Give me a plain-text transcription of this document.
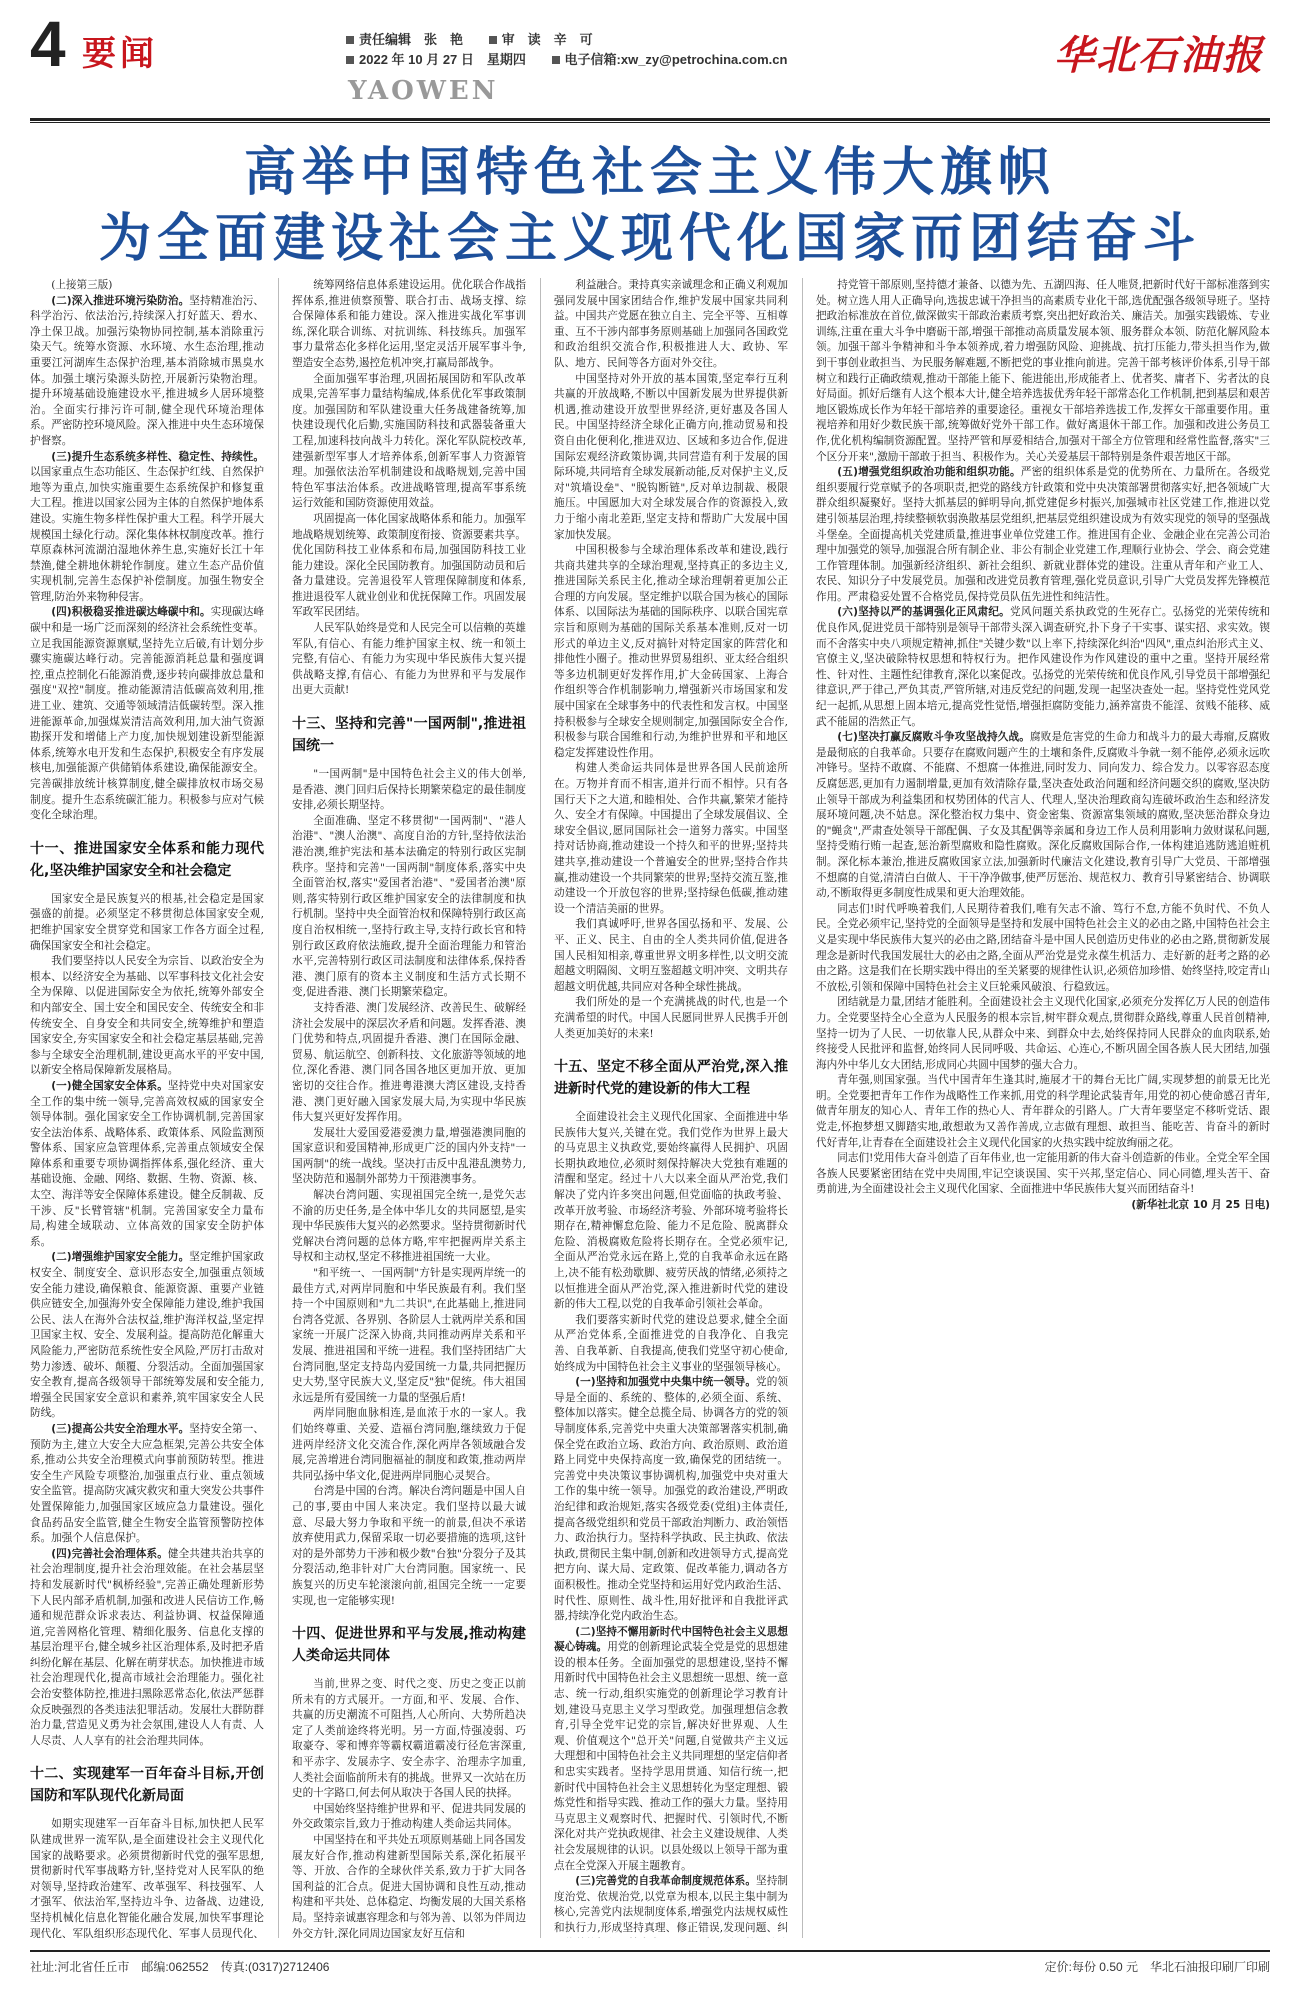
4 要闻	责任编辑　张　艳	审　读　辛　可
2022 年 10 月 27 日　星期四	电子信箱:xw_zy@petrochina.com.cn
YAOWEN
华北石油报
高举中国特色社会主义伟大旗帜
为全面建设社会主义现代化国家而团结奋斗

(上接第三版)

(二)深入推进环境污染防治。坚持精准治污、科学治污、依法治污,持续深入打好蓝天、碧水、净土保卫战。加强污染物协同控制,基本消除重污染天气。统筹水资源、水环境、水生态治理,推动重要江河湖库生态保护治理,基本消除城市黑臭水体。加强土壤污染源头防控,开展新污染物治理。提升环境基础设施建设水平,推进城乡人居环境整治。全面实行排污许可制,健全现代环境治理体系。严密防控环境风险。深入推进中央生态环境保护督察。

(三)提升生态系统多样性、稳定性、持续性。以国家重点生态功能区、生态保护红线、自然保护地等为重点,加快实施重要生态系统保护和修复重大工程。推进以国家公园为主体的自然保护地体系建设。实施生物多样性保护重大工程。科学开展大规模国土绿化行动。深化集体林权制度改革。推行草原森林河流湖泊湿地休养生息,实施好长江十年禁渔,健全耕地休耕轮作制度。建立生态产品价值实现机制,完善生态保护补偿制度。加强生物安全管理,防治外来物种侵害。

(四)积极稳妥推进碳达峰碳中和。实现碳达峰碳中和是一场广泛而深刻的经济社会系统性变革。立足我国能源资源禀赋,坚持先立后破,有计划分步骤实施碳达峰行动。完善能源消耗总量和强度调控,重点控制化石能源消费,逐步转向碳排放总量和强度"双控"制度。推动能源清洁低碳高效利用,推进工业、建筑、交通等领域清洁低碳转型。深入推进能源革命,加强煤炭清洁高效利用,加大油气资源勘探开发和增储上产力度,加快规划建设新型能源体系,统筹水电开发和生态保护,积极安全有序发展核电,加强能源产供储销体系建设,确保能源安全。完善碳排放统计核算制度,健全碳排放权市场交易制度。提升生态系统碳汇能力。积极参与应对气候变化全球治理。

十一、推进国家安全体系和能力现代化,坚决维护国家安全和社会稳定

国家安全是民族复兴的根基,社会稳定是国家强盛的前提。必须坚定不移贯彻总体国家安全观,把维护国家安全贯穿党和国家工作各方面全过程,确保国家安全和社会稳定。

我们要坚持以人民安全为宗旨、以政治安全为根本、以经济安全为基础、以军事科技文化社会安全为保障、以促进国际安全为依托,统筹外部安全和内部安全、国土安全和国民安全、传统安全和非传统安全、自身安全和共同安全,统筹维护和塑造国家安全,夯实国家安全和社会稳定基层基础,完善参与全球安全治理机制,建设更高水平的平安中国,以新安全格局保障新发展格局。

(一)健全国家安全体系。坚持党中央对国家安全工作的集中统一领导,完善高效权威的国家安全领导体制。强化国家安全工作协调机制,完善国家安全法治体系、战略体系、政策体系、风险监测预警体系、国家应急管理体系,完善重点领域安全保障体系和重要专项协调指挥体系,强化经济、重大基础设施、金融、网络、数据、生物、资源、核、太空、海洋等安全保障体系建设。健全反制裁、反干涉、反"长臂管辖"机制。完善国家安全力量布局,构建全域联动、立体高效的国家安全防护体系。

(二)增强维护国家安全能力。坚定维护国家政权安全、制度安全、意识形态安全,加强重点领域安全能力建设,确保粮食、能源资源、重要产业链供应链安全,加强海外安全保障能力建设,维护我国公民、法人在海外合法权益,维护海洋权益,坚定捍卫国家主权、安全、发展利益。提高防范化解重大风险能力,严密防范系统性安全风险,严厉打击敌对势力渗透、破坏、颠覆、分裂活动。全面加强国家安全教育,提高各级领导干部统筹发展和安全能力,增强全民国家安全意识和素养,筑牢国家安全人民防线。

(三)提高公共安全治理水平。坚持安全第一、预防为主,建立大安全大应急框架,完善公共安全体系,推动公共安全治理模式向事前预防转型。推进安全生产风险专项整治,加强重点行业、重点领域安全监管。提高防灾减灾救灾和重大突发公共事件处置保障能力,加强国家区域应急力量建设。强化食品药品安全监管,健全生物安全监管预警防控体系。加强个人信息保护。

(四)完善社会治理体系。健全共建共治共享的社会治理制度,提升社会治理效能。在社会基层坚持和发展新时代"枫桥经验",完善正确处理新形势下人民内部矛盾机制,加强和改进人民信访工作,畅通和规范群众诉求表达、利益协调、权益保障通道,完善网格化管理、精细化服务、信息化支撑的基层治理平台,健全城乡社区治理体系,及时把矛盾纠纷化解在基层、化解在萌芽状态。加快推进市域社会治理现代化,提高市域社会治理能力。强化社会治安整体防控,推进扫黑除恶常态化,依法严惩群众反映强烈的各类违法犯罪活动。发展壮大群防群治力量,营造见义勇为社会氛围,建设人人有责、人人尽责、人人享有的社会治理共同体。

十二、实现建军一百年奋斗目标,开创国防和军队现代化新局面

如期实现建军一百年奋斗目标,加快把人民军队建成世界一流军队,是全面建设社会主义现代化国家的战略要求。必须贯彻新时代党的强军思想,贯彻新时代军事战略方针,坚持党对人民军队的绝对领导,坚持政治建军、改革强军、科技强军、人才强军、依法治军,坚持边斗争、边备战、边建设,坚持机械化信息化智能化融合发展,加快军事理论现代化、军队组织形态现代化、军事人员现代化、

统筹网络信息体系建设运用。优化联合作战指挥体系,推进侦察预警、联合打击、战场支撑、综合保障体系和能力建设。深入推进实战化军事训练,深化联合训练、对抗训练、科技练兵。加强军事力量常态化多样化运用,坚定灵活开展军事斗争,塑造安全态势,遏控危机冲突,打赢局部战争。

全面加强军事治理,巩固拓展国防和军队改革成果,完善军事力量结构编成,体系优化军事政策制度。加强国防和军队建设重大任务战建备统筹,加快建设现代化后勤,实施国防科技和武器装备重大工程,加速科技向战斗力转化。深化军队院校改革,建强新型军事人才培养体系,创新军事人力资源管理。加强依法治军机制建设和战略规划,完善中国特色军事法治体系。改进战略管理,提高军事系统运行效能和国防资源使用效益。

巩固提高一体化国家战略体系和能力。加强军地战略规划统筹、政策制度衔接、资源要素共享。优化国防科技工业体系和布局,加强国防科技工业能力建设。深化全民国防教育。加强国防动员和后备力量建设。完善退役军人管理保障制度和体系,推进退役军人就业创业和优抚保障工作。巩固发展军政军民团结。

人民军队始终是党和人民完全可以信赖的英雄军队,有信心、有能力维护国家主权、统一和领土完整,有信心、有能力为实现中华民族伟大复兴提供战略支撑,有信心、有能力为世界和平与发展作出更大贡献!

十三、坚持和完善"一国两制",推进祖国统一

"一国两制"是中国特色社会主义的伟大创举,是香港、澳门回归后保持长期繁荣稳定的最佳制度安排,必须长期坚持。

全面准确、坚定不移贯彻"一国两制"、"港人治港"、"澳人治澳"、高度自治的方针,坚持依法治港治澳,维护宪法和基本法确定的特别行政区宪制秩序。坚持和完善"一国两制"制度体系,落实中央全面管治权,落实"爱国者治港"、"爱国者治澳"原则,落实特别行政区维护国家安全的法律制度和执行机制。坚持中央全面管治权和保障特别行政区高度自治权相统一,坚持行政主导,支持行政长官和特别行政区政府依法施政,提升全面治理能力和管治水平,完善特别行政区司法制度和法律体系,保持香港、澳门原有的资本主义制度和生活方式长期不变,促进香港、澳门长期繁荣稳定。

支持香港、澳门发展经济、改善民生、破解经济社会发展中的深层次矛盾和问题。发挥香港、澳门优势和特点,巩固提升香港、澳门在国际金融、贸易、航运航空、创新科技、文化旅游等领域的地位,深化香港、澳门同各国各地区更加开放、更加密切的交往合作。推进粤港澳大湾区建设,支持香港、澳门更好融入国家发展大局,为实现中华民族伟大复兴更好发挥作用。

发展壮大爱国爱港爱澳力量,增强港澳同胞的国家意识和爱国精神,形成更广泛的国内外支持"一国两制"的统一战线。坚决打击反中乱港乱澳势力,坚决防范和遏制外部势力干预港澳事务。

解决台湾问题、实现祖国完全统一,是党矢志不渝的历史任务,是全体中华儿女的共同愿望,是实现中华民族伟大复兴的必然要求。坚持贯彻新时代党解决台湾问题的总体方略,牢牢把握两岸关系主导权和主动权,坚定不移推进祖国统一大业。

"和平统一、一国两制"方针是实现两岸统一的最佳方式,对两岸同胞和中华民族最有利。我们坚持一个中国原则和"九二共识",在此基础上,推进同台湾各党派、各界别、各阶层人士就两岸关系和国家统一开展广泛深入协商,共同推动两岸关系和平发展、推进祖国和平统一进程。我们坚持团结广大台湾同胞,坚定支持岛内爱国统一力量,共同把握历史大势,坚守民族大义,坚定反"独"促统。伟大祖国永远是所有爱国统一力量的坚强后盾!

两岸同胞血脉相连,是血浓于水的一家人。我们始终尊重、关爱、造福台湾同胞,继续致力于促进两岸经济文化交流合作,深化两岸各领域融合发展,完善增进台湾同胞福祉的制度和政策,推动两岸共同弘扬中华文化,促进两岸同胞心灵契合。

台湾是中国的台湾。解决台湾问题是中国人自己的事,要由中国人来决定。我们坚持以最大诚意、尽最大努力争取和平统一的前景,但决不承诺放弃使用武力,保留采取一切必要措施的选项,这针对的是外部势力干涉和极少数"台独"分裂分子及其分裂活动,绝非针对广大台湾同胞。国家统一、民族复兴的历史车轮滚滚向前,祖国完全统一一定要实现,也一定能够实现!

十四、促进世界和平与发展,推动构建人类命运共同体

当前,世界之变、时代之变、历史之变正以前所未有的方式展开。一方面,和平、发展、合作、共赢的历史潮流不可阻挡,人心所向、大势所趋决定了人类前途终将光明。另一方面,恃强凌弱、巧取豪夺、零和博弈等霸权霸道霸凌行径危害深重,和平赤字、发展赤字、安全赤字、治理赤字加重,人类社会面临前所未有的挑战。世界又一次站在历史的十字路口,何去何从取决于各国人民的抉择。

中国始终坚持维护世界和平、促进共同发展的外交政策宗旨,致力于推动构建人类命运共同体。

中国坚持在和平共处五项原则基础上同各国发展友好合作,推动构建新型国际关系,深化拓展平等、开放、合作的全球伙伴关系,致力于扩大同各国利益的汇合点。促进大国协调和良性互动,推动构建和平共处、总体稳定、均衡发展的大国关系格局。坚持亲诚惠容理念和与邻为善、以邻为伴周边外交方针,深化同周边国家友好互信和

利益融合。秉持真实亲诚理念和正确义利观加强同发展中国家团结合作,维护发展中国家共同利益。中国共产党愿在独立自主、完全平等、互相尊重、互不干涉内部事务原则基础上加强同各国政党和政治组织交流合作,积极推进人大、政协、军队、地方、民间等各方面对外交往。

中国坚持对外开放的基本国策,坚定奉行互利共赢的开放战略,不断以中国新发展为世界提供新机遇,推动建设开放型世界经济,更好惠及各国人民。中国坚持经济全球化正确方向,推动贸易和投资自由化便利化,推进双边、区域和多边合作,促进国际宏观经济政策协调,共同营造有利于发展的国际环境,共同培育全球发展新动能,反对保护主义,反对"筑墙设垒"、"脱钩断链",反对单边制裁、极限施压。中国愿加大对全球发展合作的资源投入,致力于缩小南北差距,坚定支持和帮助广大发展中国家加快发展。

中国积极参与全球治理体系改革和建设,践行共商共建共享的全球治理观,坚持真正的多边主义,推进国际关系民主化,推动全球治理朝着更加公正合理的方向发展。坚定维护以联合国为核心的国际体系、以国际法为基础的国际秩序、以联合国宪章宗旨和原则为基础的国际关系基本准则,反对一切形式的单边主义,反对搞针对特定国家的阵营化和排他性小圈子。推动世界贸易组织、亚太经合组织等多边机制更好发挥作用,扩大金砖国家、上海合作组织等合作机制影响力,增强新兴市场国家和发展中国家在全球事务中的代表性和发言权。中国坚持积极参与全球安全规则制定,加强国际安全合作,积极参与联合国维和行动,为维护世界和平和地区稳定发挥建设性作用。

构建人类命运共同体是世界各国人民前途所在。万物并育而不相害,道并行而不相悖。只有各国行天下之大道,和睦相处、合作共赢,繁荣才能持久、安全才有保障。中国提出了全球发展倡议、全球安全倡议,愿同国际社会一道努力落实。中国坚持对话协商,推动建设一个持久和平的世界;坚持共建共享,推动建设一个普遍安全的世界;坚持合作共赢,推动建设一个共同繁荣的世界;坚持交流互鉴,推动建设一个开放包容的世界;坚持绿色低碳,推动建设一个清洁美丽的世界。

我们真诚呼吁,世界各国弘扬和平、发展、公平、正义、民主、自由的全人类共同价值,促进各国人民相知相亲,尊重世界文明多样性,以文明交流超越文明隔阂、文明互鉴超越文明冲突、文明共存超越文明优越,共同应对各种全球性挑战。

我们所处的是一个充满挑战的时代,也是一个充满希望的时代。中国人民愿同世界人民携手开创人类更加美好的未来!

十五、坚定不移全面从严治党,深入推进新时代党的建设新的伟大工程

全面建设社会主义现代化国家、全面推进中华民族伟大复兴,关键在党。我们党作为世界上最大的马克思主义执政党,要始终赢得人民拥护、巩固长期执政地位,必须时刻保持解决大党独有难题的清醒和坚定。经过十八大以来全面从严治党,我们解决了党内许多突出问题,但党面临的执政考验、改革开放考验、市场经济考验、外部环境考验将长期存在,精神懈怠危险、能力不足危险、脱离群众危险、消极腐败危险将长期存在。全党必须牢记,全面从严治党永远在路上,党的自我革命永远在路上,决不能有松劲歇脚、疲劳厌战的情绪,必须持之以恒推进全面从严治党,深入推进新时代党的建设新的伟大工程,以党的自我革命引领社会革命。

我们要落实新时代党的建设总要求,健全全面从严治党体系,全面推进党的自我净化、自我完善、自我革新、自我提高,使我们党坚守初心使命,始终成为中国特色社会主义事业的坚强领导核心。

(一)坚持和加强党中央集中统一领导。党的领导是全面的、系统的、整体的,必须全面、系统、整体加以落实。健全总揽全局、协调各方的党的领导制度体系,完善党中央重大决策部署落实机制,确保全党在政治立场、政治方向、政治原则、政治道路上同党中央保持高度一致,确保党的团结统一。完善党中央决策议事协调机构,加强党中央对重大工作的集中统一领导。加强党的政治建设,严明政治纪律和政治规矩,落实各级党委(党组)主体责任,提高各级党组织和党员干部政治判断力、政治领悟力、政治执行力。坚持科学执政、民主执政、依法执政,贯彻民主集中制,创新和改进领导方式,提高党把方向、谋大局、定政策、促改革能力,调动各方面积极性。推动全党坚持和运用好党内政治生活、时代性、原则性、战斗性,用好批评和自我批评武器,持续净化党内政治生态。

(二)坚持不懈用新时代中国特色社会主义思想凝心铸魂。用党的创新理论武装全党是党的思想建设的根本任务。全面加强党的思想建设,坚持不懈用新时代中国特色社会主义思想统一思想、统一意志、统一行动,组织实施党的创新理论学习教育计划,建设马克思主义学习型政党。加强理想信念教育,引导全党牢记党的宗旨,解决好世界观、人生观、价值观这个"总开关"问题,自觉做共产主义远大理想和中国特色社会主义共同理想的坚定信仰者和忠实实践者。坚持学思用贯通、知信行统一,把新时代中国特色社会主义思想转化为坚定理想、锻炼党性和指导实践、推动工作的强大力量。坚持用马克思主义观察时代、把握时代、引领时代,不断深化对共产党执政规律、社会主义建设规律、人类社会发展规律的认识。以县处级以上领导干部为重点在全党深入开展主题教育。

(三)完善党的自我革命制度规范体系。坚持制度治党、依规治党,以党章为根本,以民主集中制为核心,完善党内法规制度体系,增强党内法规权威性和执行力,形成坚持真理、修正错误,发现问题、纠

持党管干部原则,坚持德才兼备、以德为先、五湖四海、任人唯贤,把新时代好干部标准落到实处。树立选人用人正确导向,选拔忠诚干净担当的高素质专业化干部,选优配强各级领导班子。坚持把政治标准放在首位,做深做实干部政治素质考察,突出把好政治关、廉洁关。加强实践锻炼、专业训练,注重在重大斗争中磨砺干部,增强干部推动高质量发展本领、服务群众本领、防范化解风险本领。加强干部斗争精神和斗争本领养成,着力增强防风险、迎挑战、抗打压能力,带头担当作为,做到干事创业敢担当、为民服务解难题,不断把党的事业推向前进。完善干部考核评价体系,引导干部树立和践行正确政绩观,推动干部能上能下、能进能出,形成能者上、优者奖、庸者下、劣者汰的良好局面。抓好后继有人这个根本大计,健全培养选拔优秀年轻干部常态化工作机制,把到基层和艰苦地区锻炼成长作为年轻干部培养的重要途径。重视女干部培养选拔工作,发挥女干部重要作用。重视培养和用好少数民族干部,统筹做好党外干部工作。做好离退休干部工作。加强和改进公务员工作,优化机构编制资源配置。坚持严管和厚爱相结合,加强对干部全方位管理和经常性监督,落实"三个区分开来",激励干部敢于担当、积极作为。关心关爱基层干部特别是条件艰苦地区干部。

(五)增强党组织政治功能和组织功能。严密的组织体系是党的优势所在、力量所在。各级党组织要履行党章赋予的各项职责,把党的路线方针政策和党中央决策部署贯彻落实好,把各领域广大群众组织凝聚好。坚持大抓基层的鲜明导向,抓党建促乡村振兴,加强城市社区党建工作,推进以党建引领基层治理,持续整顿软弱涣散基层党组织,把基层党组织建设成为有效实现党的领导的坚强战斗堡垒。全面提高机关党建质量,推进事业单位党建工作。推进国有企业、金融企业在完善公司治理中加强党的领导,加强混合所有制企业、非公有制企业党建工作,理顺行业协会、学会、商会党建工作管理体制。加强新经济组织、新社会组织、新就业群体党的建设。注重从青年和产业工人、农民、知识分子中发展党员。加强和改进党员教育管理,强化党员意识,引导广大党员发挥先锋模范作用。严肃稳妥处置不合格党员,保持党员队伍先进性和纯洁性。

(六)坚持以严的基调强化正风肃纪。党风问题关系执政党的生死存亡。弘扬党的光荣传统和优良作风,促进党员干部特别是领导干部带头深入调查研究,扑下身子干实事、谋实招、求实效。锲而不舍落实中央八项规定精神,抓住"关键少数"以上率下,持续深化纠治"四风",重点纠治形式主义、官僚主义,坚决破除特权思想和特权行为。把作风建设作为作风建设的重中之重。坚持开展经常性、针对性、主题性纪律教育,深化以案促改。弘扬党的光荣传统和优良作风,引导党员干部增强纪律意识,严于律己,严负其责,严管所辖,对违反党纪的问题,发现一起坚决查处一起。坚持党性党风党纪一起抓,从思想上固本培元,提高党性觉悟,增强拒腐防变能力,涵养富贵不能淫、贫贱不能移、威武不能屈的浩然正气。

(七)坚决打赢反腐败斗争攻坚战持久战。腐败是危害党的生命力和战斗力的最大毒瘤,反腐败是最彻底的自我革命。只要存在腐败问题产生的土壤和条件,反腐败斗争就一刻不能停,必须永远吹冲锋号。坚持不敢腐、不能腐、不想腐一体推进,同时发力、同向发力、综合发力。以零容忍态度反腐惩恶,更加有力遏制增量,更加有效清除存量,坚决查处政治问题和经济问题交织的腐败,坚决防止领导干部成为利益集团和权势团体的代言人、代理人,坚决治理政商勾连破坏政治生态和经济发展环境问题,决不姑息。深化整治权力集中、资金密集、资源富集领域的腐败,坚决惩治群众身边的"蝇贪",严肃查处领导干部配偶、子女及其配偶等亲属和身边工作人员利用影响力敛财谋私问题,坚持受贿行贿一起查,惩治新型腐败和隐性腐败。深化反腐败国际合作,一体构建追逃防逃追赃机制。深化标本兼治,推进反腐败国家立法,加强新时代廉洁文化建设,教育引导广大党员、干部增强不想腐的自觉,清清白白做人、干干净净做事,使严厉惩治、规范权力、教育引导紧密结合、协调联动,不断取得更多制度性成果和更大治理效能。

同志们!时代呼唤着我们,人民期待着我们,唯有矢志不渝、笃行不怠,方能不负时代、不负人民。全党必须牢记,坚持党的全面领导是坚持和发展中国特色社会主义的必由之路,中国特色社会主义是实现中华民族伟大复兴的必由之路,团结奋斗是中国人民创造历史伟业的必由之路,贯彻新发展理念是新时代我国发展壮大的必由之路,全面从严治党是党永葆生机活力、走好新的赶考之路的必由之路。这是我们在长期实践中得出的至关紧要的规律性认识,必须倍加珍惜、始终坚持,咬定青山不放松,引领和保障中国特色社会主义巨轮乘风破浪、行稳致远。

团结就是力量,团结才能胜利。全面建设社会主义现代化国家,必须充分发挥亿万人民的创造伟力。全党要坚持全心全意为人民服务的根本宗旨,树牢群众观点,贯彻群众路线,尊重人民首创精神,坚持一切为了人民、一切依靠人民,从群众中来、到群众中去,始终保持同人民群众的血肉联系,始终接受人民批评和监督,始终同人民同呼吸、共命运、心连心,不断巩固全国各族人民大团结,加强海内外中华儿女大团结,形成同心共圆中国梦的强大合力。

青年强,则国家强。当代中国青年生逢其时,施展才干的舞台无比广阔,实现梦想的前景无比光明。全党要把青年工作作为战略性工作来抓,用党的科学理论武装青年,用党的初心使命感召青年,做青年朋友的知心人、青年工作的热心人、青年群众的引路人。广大青年要坚定不移听党话、跟党走,怀抱梦想又脚踏实地,敢想敢为又善作善成,立志做有理想、敢担当、能吃苦、肯奋斗的新时代好青年,让青春在全面建设社会主义现代化国家的火热实践中绽放绚丽之花。

同志们!党用伟大奋斗创造了百年伟业,也一定能用新的伟大奋斗创造新的伟业。全党全军全国各族人民要紧密团结在党中央周围,牢记空谈误国、实干兴邦,坚定信心、同心同德,埋头苦干、奋勇前进,为全面建设社会主义现代化国家、全面推进中华民族伟大复兴而团结奋斗!

(新华社北京 10 月 25 日电)

社址:河北省任丘市　邮编:062552　传真:(0317)2712406	定价:每份 0.50 元　华北石油报印刷厂印刷
